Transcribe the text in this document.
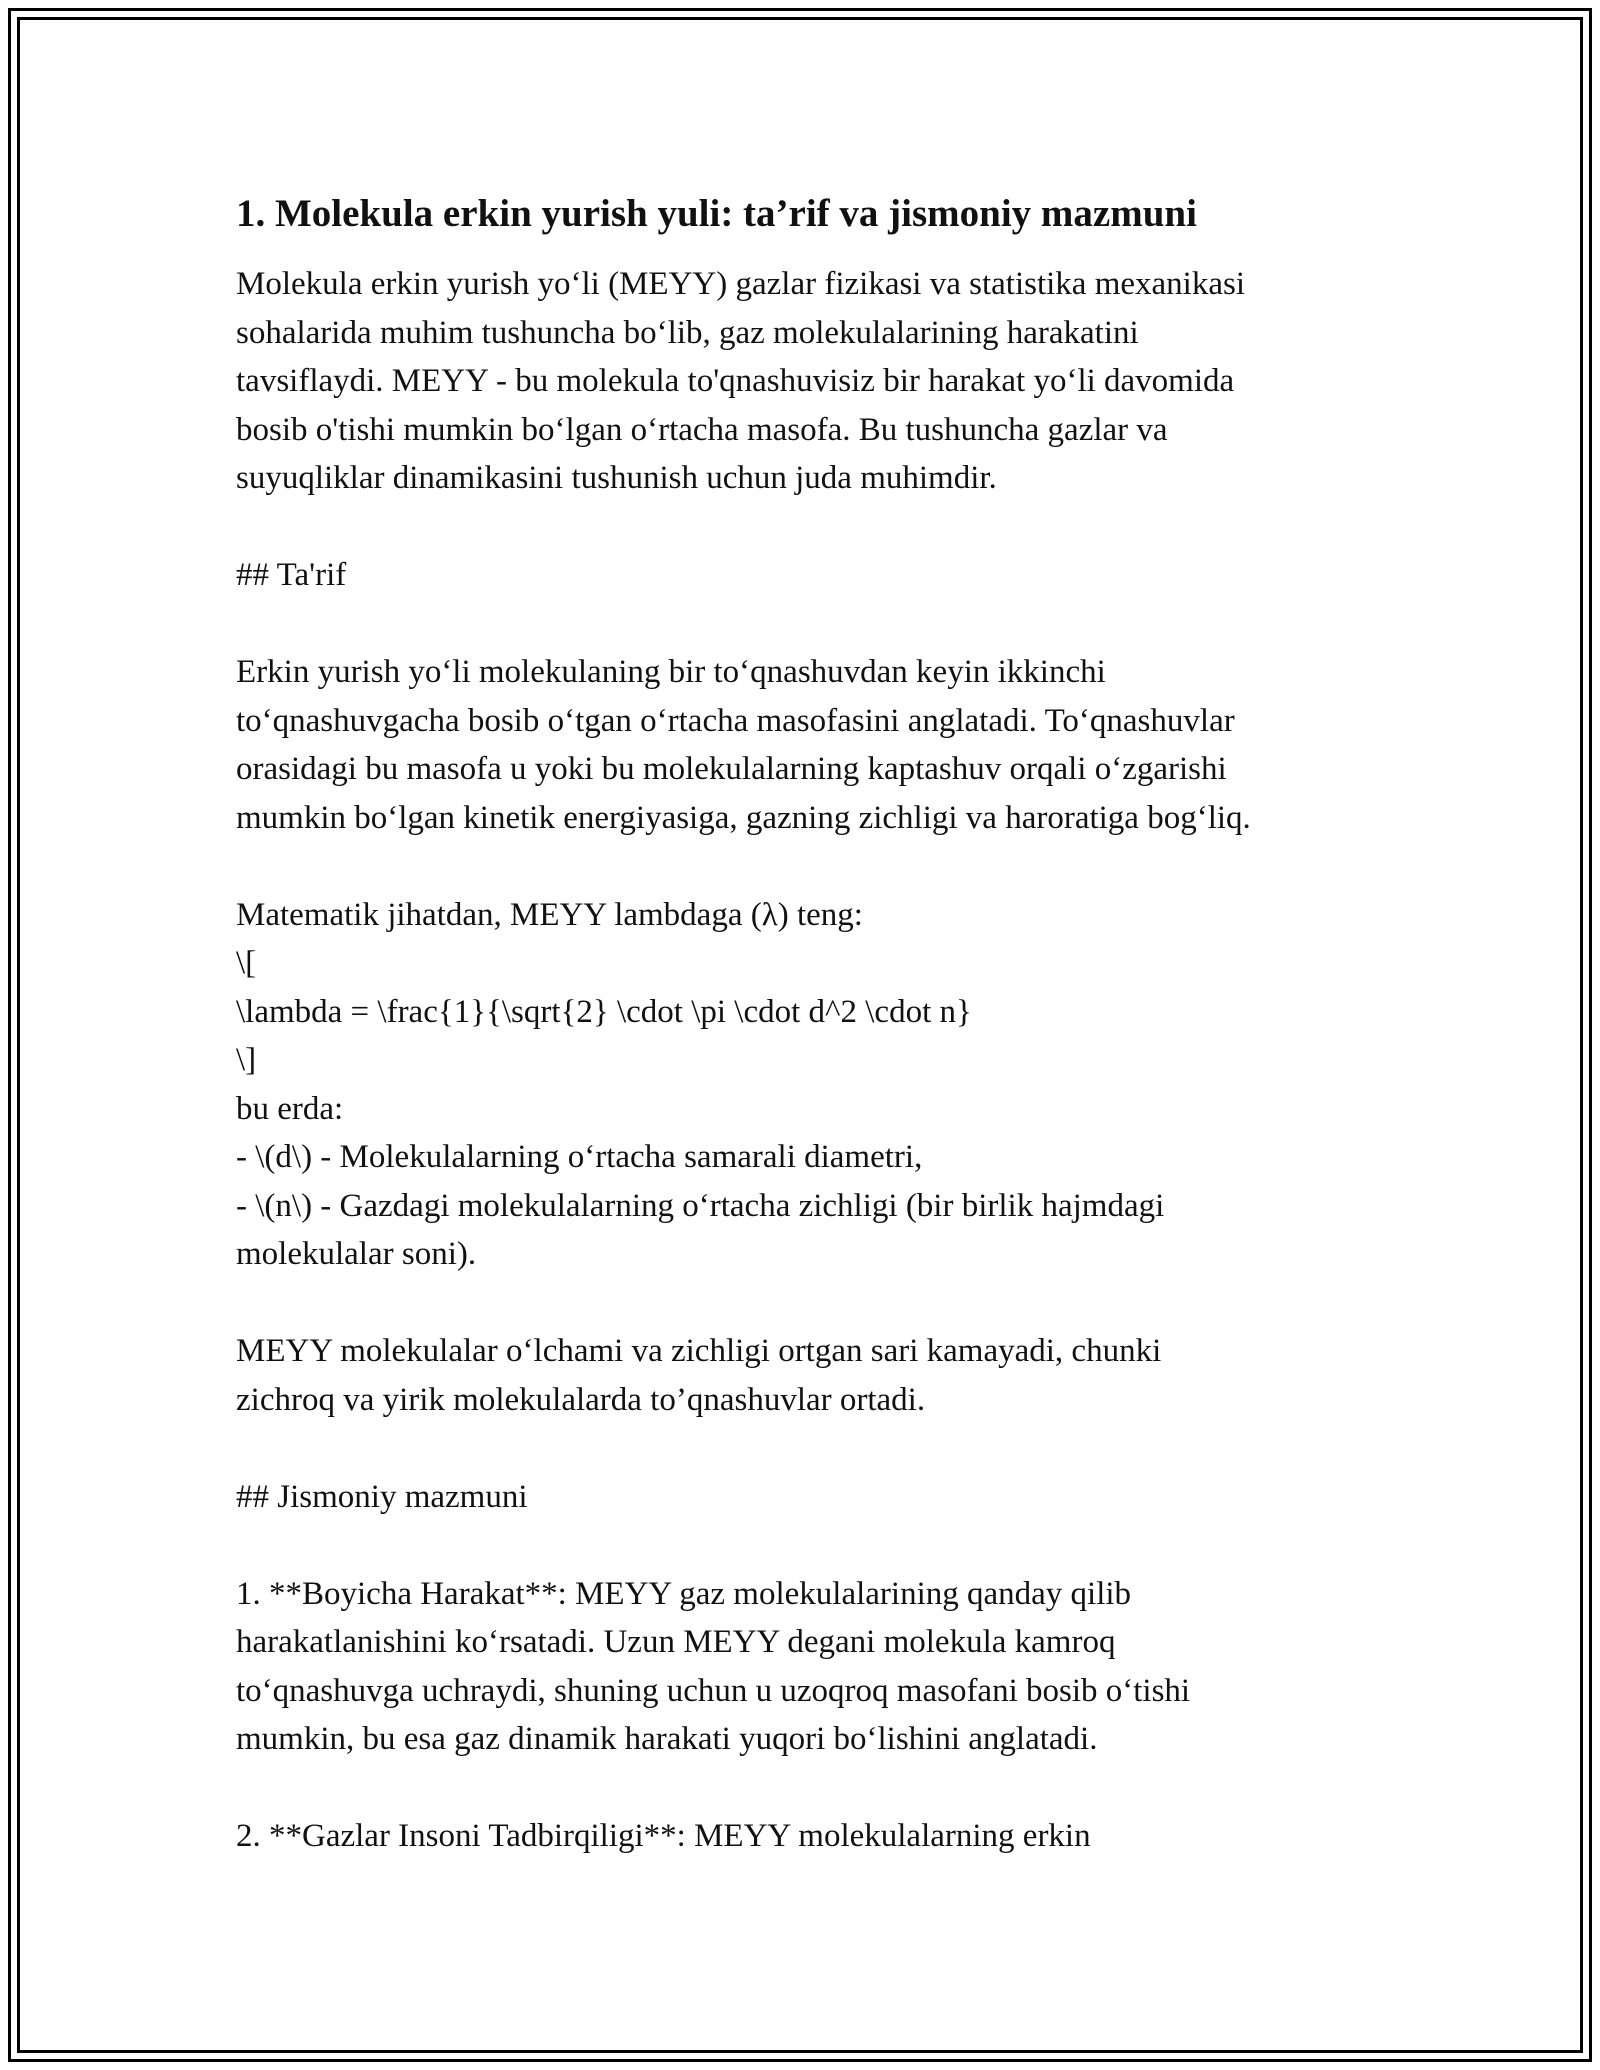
1. Molekula erkin yurish yuli: ta’rif va jismoniy mazmuni
Molekula erkin yurish yo‘li (MEYY) gazlar fizikasi va statistika mexanikasi
sohalarida muhim tushuncha bo‘lib, gaz molekulalarining harakatini
tavsiflaydi. MEYY - bu molekula to'qnashuvisiz bir harakat yo‘li davomida
bosib o'tishi mumkin bo‘lgan o‘rtacha masofa. Bu tushuncha gazlar va
suyuqliklar dinamikasini tushunish uchun juda muhimdir.
## Ta'rif
Erkin yurish yo‘li molekulaning bir to‘qnashuvdan keyin ikkinchi
to‘qnashuvgacha bosib o‘tgan o‘rtacha masofasini anglatadi. To‘qnashuvlar
orasidagi bu masofa u yoki bu molekulalarning kaptashuv orqali o‘zgarishi
mumkin bo‘lgan kinetik energiyasiga, gazning zichligi va haroratiga bog‘liq.
Matematik jihatdan, MEYY lambdaga (λ) teng:
\[
\lambda = \frac{1}{\sqrt{2} \cdot \pi \cdot d^2 \cdot n}
\]
bu erda:
- \(d\) - Molekulalarning o‘rtacha samarali diametri,
- \(n\) - Gazdagi molekulalarning o‘rtacha zichligi (bir birlik hajmdagi
molekulalar soni).
MEYY molekulalar o‘lchami va zichligi ortgan sari kamayadi, chunki
zichroq va yirik molekulalarda to’qnashuvlar ortadi.
## Jismoniy mazmuni
1. **Boyicha Harakat**: MEYY gaz molekulalarining qanday qilib
harakatlanishini ko‘rsatadi. Uzun MEYY degani molekula kamroq
to‘qnashuvga uchraydi, shuning uchun u uzoqroq masofani bosib o‘tishi
mumkin, bu esa gaz dinamik harakati yuqori bo‘lishini anglatadi.
2. **Gazlar Insoni Tadbirqiligi**: MEYY molekulalarning erkin
